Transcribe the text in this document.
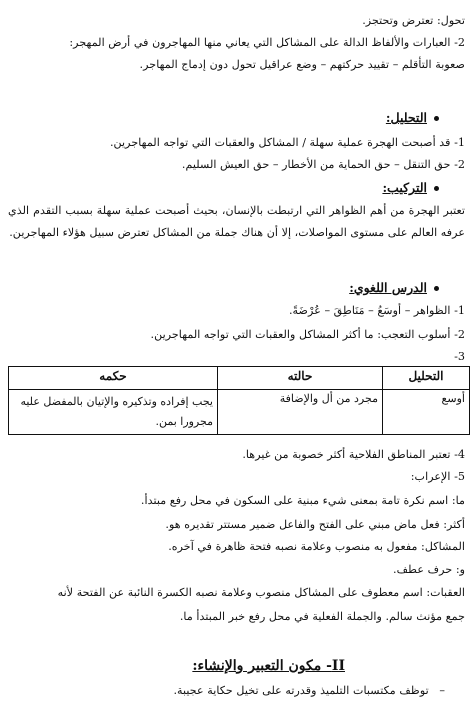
تحول: تعترض وتحتجز.
2- العبارات والألفاظ الدالة على المشاكل التي يعاني منها المهاجرون في أرض المهجر:
صعوبة التأقلم – تقييد حركتهم – وضع عراقيل تحول دون إدماج المهاجر.
التحليل:
1- قد أصبحت الهجرة عملية سهلة / المشاكل والعقبات التي تواجه المهاجرين.
2- حق التنقل – حق الحماية من الأخطار – حق العيش السليم.
التركيب:
تعتبر الهجرة من أهم الظواهر التي ارتبطت بالإنسان، بحيث أصبحت عملية سهلة بسبب التقدم الذي عرفه العالم على مستوى المواصلات، إلا أن هناك جملة من المشاكل تعترض سبيل هؤلاء المهاجرين.
الدرس اللغوي:
1- الظواهر – أوسَعُ – مَنَاطِقَ – عُرْضَةً.
2- أسلوب التعجب: ما أكثر المشاكل والعقبات التي تواجه المهاجرين.
3-
التحليل	حالته	حكمه
أوسع	مجرد من أل والإضافة	يجب إفراده وتذكيره والإتيان بالمفضل عليه مجرورا بمن.
4- تعتبر المناطق الفلاحية أكثر خصوبة من غيرها.
5- الإعراب:
ما: اسم نكرة تامة بمعنى شيء مبنية على السكون في محل رفع مبتدأ.
أكثر: فعل ماض مبني على الفتح والفاعل ضمير مستتر تقديره هو.
المشاكل: مفعول به منصوب وعلامة نصبه فتحة ظاهرة في آخره.
و: حرف عطف.
العقبات: اسم معطوف على المشاكل منصوب وعلامة نصبه الكسرة النائبة عن الفتحة لأنه
جمع مؤنث سالم. والجملة الفعلية في محل رفع خبر المبتدأ ما.
II- مكون التعبير والإنشاء:
–   توظف مكتسبات التلميذ وقدرته على تخيل حكاية عجيبة.
